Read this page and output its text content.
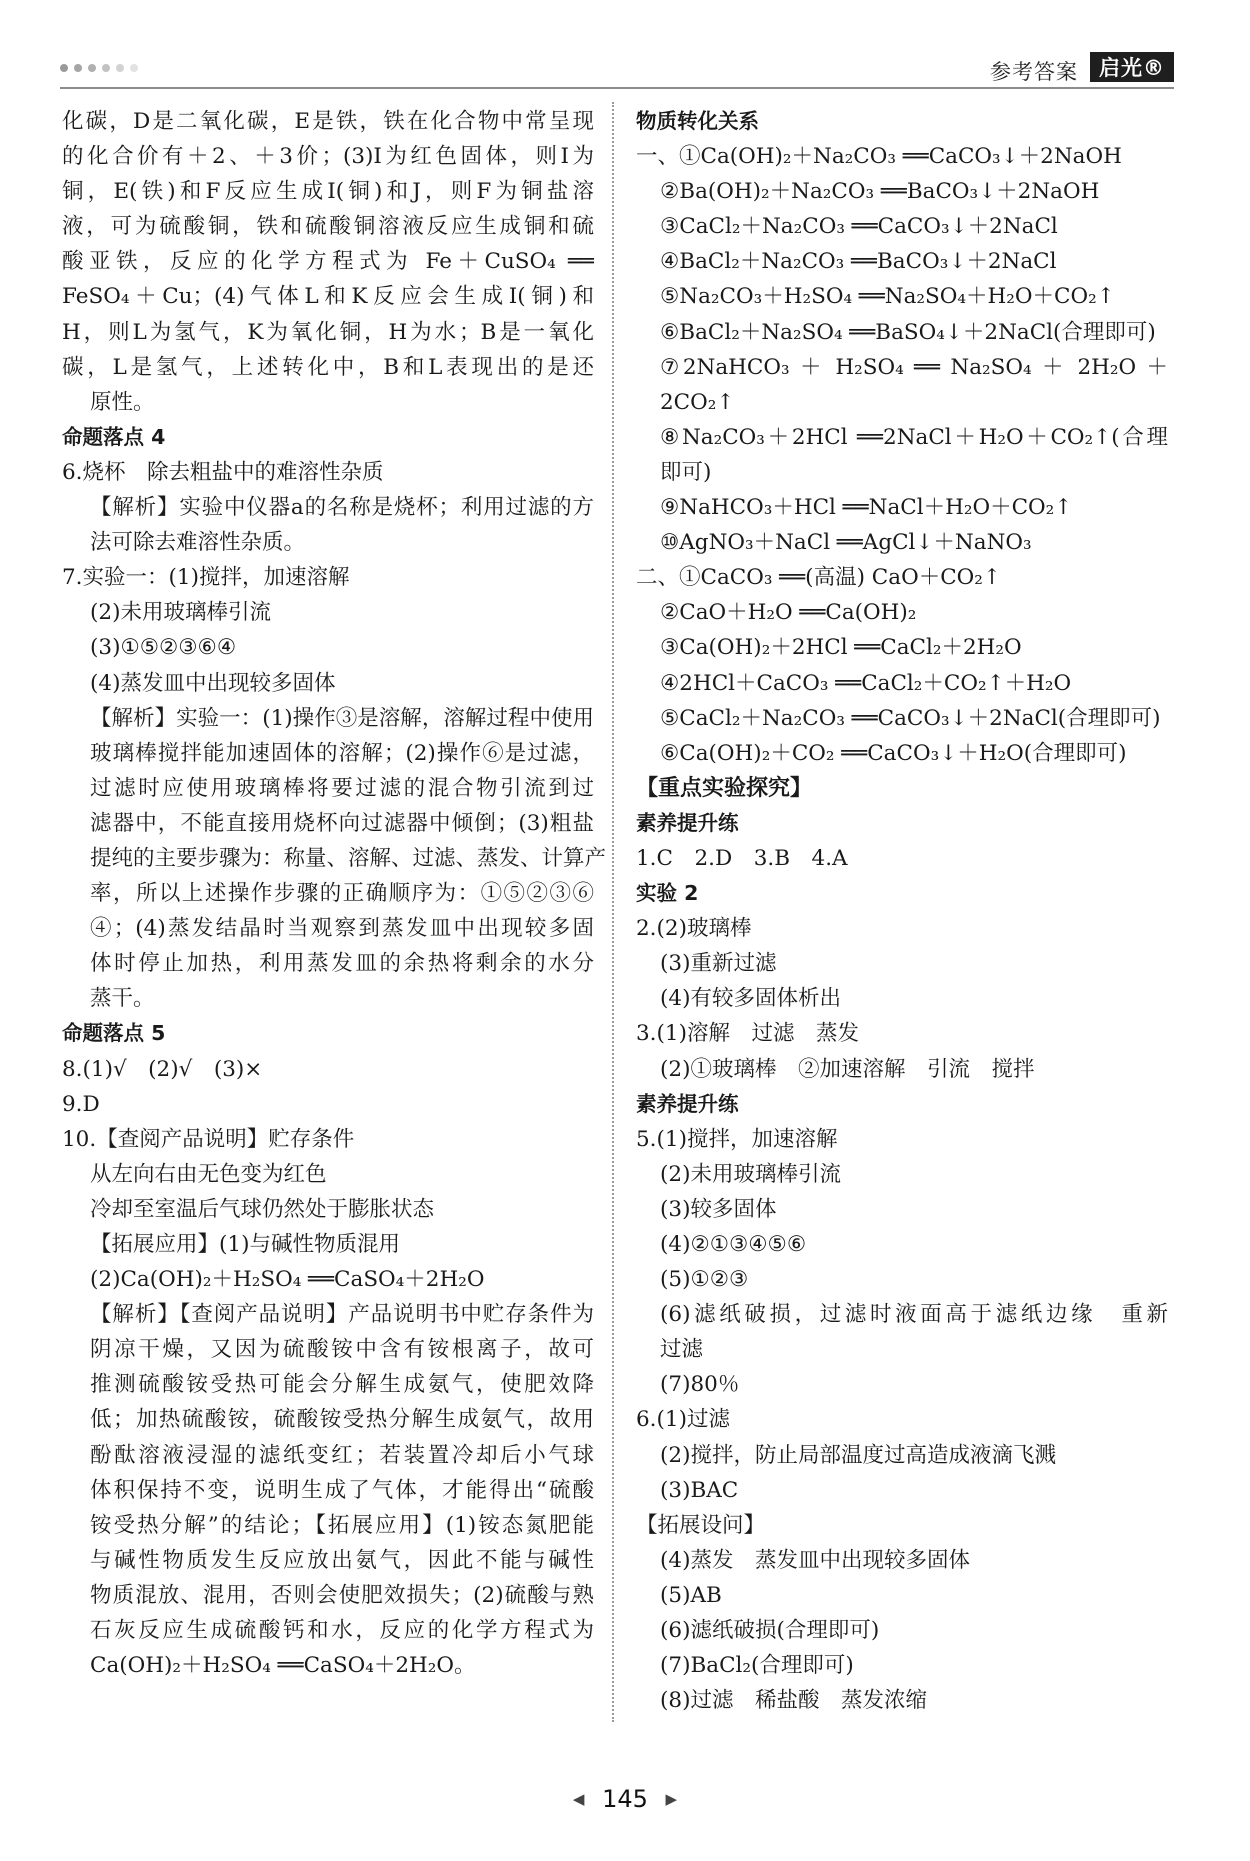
参考答案	启光®
化碳，D是二氧化碳，E是铁，铁在化合物中常呈现
的化合价有＋2、＋3价；(3)I为红色固体，则I为
铜，E(铁)和F反应生成I(铜)和J，则F为铜盐溶
液，可为硫酸铜，铁和硫酸铜溶液反应生成铜和硫
酸亚铁，反应的化学方程式为 Fe＋CuSO₄ ══
FeSO₄＋Cu；(4)气体L和K反应会生成I(铜)和
H，则L为氢气，K为氧化铜，H为水；B是一氧化
碳，L是氢气，上述转化中，B和L表现出的是还
原性。
命题落点 4
6.烧杯　除去粗盐中的难溶性杂质
【解析】实验中仪器a的名称是烧杯；利用过滤的方
法可除去难溶性杂质。
7.实验一：(1)搅拌，加速溶解
(2)未用玻璃棒引流
(3)①⑤②③⑥④
(4)蒸发皿中出现较多固体
【解析】实验一：(1)操作③是溶解，溶解过程中使用
玻璃棒搅拌能加速固体的溶解；(2)操作⑥是过滤，
过滤时应使用玻璃棒将要过滤的混合物引流到过
滤器中，不能直接用烧杯向过滤器中倾倒；(3)粗盐
提纯的主要步骤为：称量、溶解、过滤、蒸发、计算产
率，所以上述操作步骤的正确顺序为：①⑤②③⑥
④；(4)蒸发结晶时当观察到蒸发皿中出现较多固
体时停止加热，利用蒸发皿的余热将剩余的水分
蒸干。
命题落点 5
8.(1)√　(2)√　(3)×
9.D
10.【查阅产品说明】贮存条件
从左向右由无色变为红色
冷却至室温后气球仍然处于膨胀状态
【拓展应用】(1)与碱性物质混用
(2)Ca(OH)₂＋H₂SO₄ ══CaSO₄＋2H₂O
【解析】【查阅产品说明】产品说明书中贮存条件为
阴凉干燥，又因为硫酸铵中含有铵根离子，故可
推测硫酸铵受热可能会分解生成氨气，使肥效降
低；加热硫酸铵，硫酸铵受热分解生成氨气，故用
酚酞溶液浸湿的滤纸变红；若装置冷却后小气球
体积保持不变，说明生成了气体，才能得出“硫酸
铵受热分解”的结论；【拓展应用】(1)铵态氮肥能
与碱性物质发生反应放出氨气，因此不能与碱性
物质混放、混用，否则会使肥效损失；(2)硫酸与熟
石灰反应生成硫酸钙和水，反应的化学方程式为
Ca(OH)₂＋H₂SO₄ ══CaSO₄＋2H₂O。
物质转化关系
一、①Ca(OH)₂＋Na₂CO₃ ══CaCO₃↓＋2NaOH
②Ba(OH)₂＋Na₂CO₃ ══BaCO₃↓＋2NaOH
③CaCl₂＋Na₂CO₃ ══CaCO₃↓＋2NaCl
④BaCl₂＋Na₂CO₃ ══BaCO₃↓＋2NaCl
⑤Na₂CO₃＋H₂SO₄ ══Na₂SO₄＋H₂O＋CO₂↑
⑥BaCl₂＋Na₂SO₄ ══BaSO₄↓＋2NaCl(合理即可)
⑦2NaHCO₃ ＋ H₂SO₄ ══ Na₂SO₄ ＋ 2H₂O ＋
2CO₂↑
⑧Na₂CO₃＋2HCl ══2NaCl＋H₂O＋CO₂↑(合理
即可)
⑨NaHCO₃＋HCl ══NaCl＋H₂O＋CO₂↑
⑩AgNO₃＋NaCl ══AgCl↓＋NaNO₃
二、①CaCO₃ ══(高温) CaO＋CO₂↑
②CaO＋H₂O ══Ca(OH)₂
③Ca(OH)₂＋2HCl ══CaCl₂＋2H₂O
④2HCl＋CaCO₃ ══CaCl₂＋CO₂↑＋H₂O
⑤CaCl₂＋Na₂CO₃ ══CaCO₃↓＋2NaCl(合理即可)
⑥Ca(OH)₂＋CO₂ ══CaCO₃↓＋H₂O(合理即可)
【重点实验探究】
素养提升练
1.C　2.D　3.B　4.A
实验 2
2.(2)玻璃棒
(3)重新过滤
(4)有较多固体析出
3.(1)溶解　过滤　蒸发
(2)①玻璃棒　②加速溶解　引流　搅拌
素养提升练
5.(1)搅拌，加速溶解
(2)未用玻璃棒引流
(3)较多固体
(4)②①③④⑤⑥
(5)①②③
(6)滤纸破损，过滤时液面高于滤纸边缘　重新
过滤
(7)80％
6.(1)过滤
(2)搅拌，防止局部温度过高造成液滴飞溅
(3)BAC
【拓展设问】
(4)蒸发　蒸发皿中出现较多固体
(5)AB
(6)滤纸破损(合理即可)
(7)BaCl₂(合理即可)
(8)过滤　稀盐酸　蒸发浓缩
◀ 145 ▶
